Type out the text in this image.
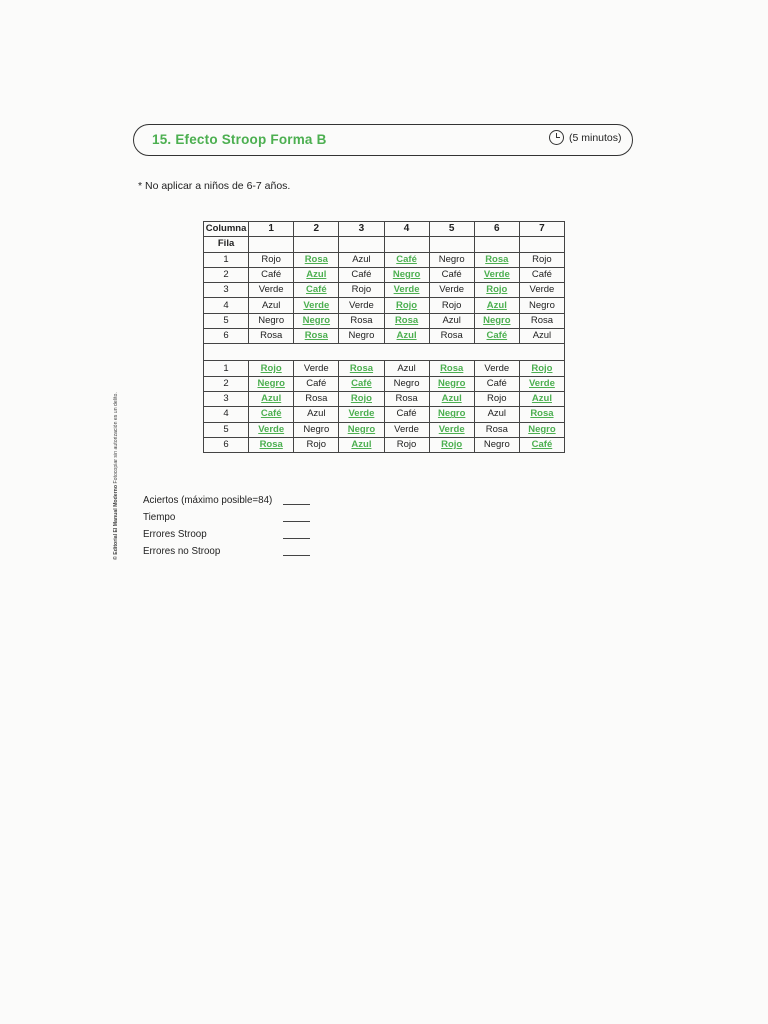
15. Efecto Stroop Forma B	(5 minutos)
* No aplicar a niños de 6-7 años.
© Editorial El Manual Moderno Fotocopiar sin autorización es un delito.
Columna	1	2	3	4	5	6	7
Fila							
1	Rojo	Rosa	Azul	Café	Negro	Rosa	Rojo
2	Café	Azul	Café	Negro	Café	Verde	Café
3	Verde	Café	Rojo	Verde	Verde	Rojo	Verde
4	Azul	Verde	Verde	Rojo	Rojo	Azul	Negro
5	Negro	Negro	Rosa	Rosa	Azul	Negro	Rosa
6	Rosa	Rosa	Negro	Azul	Rosa	Café	Azul

1	Rojo	Verde	Rosa	Azul	Rosa	Verde	Rojo
2	Negro	Café	Café	Negro	Negro	Café	Verde
3	Azul	Rosa	Rojo	Rosa	Azul	Rojo	Azul
4	Café	Azul	Verde	Café	Negro	Azul	Rosa
5	Verde	Negro	Negro	Verde	Verde	Rosa	Negro
6	Rosa	Rojo	Azul	Rojo	Rojo	Negro	Café
Aciertos (máximo posible=84)
Tiempo
Errores Stroop
Errores no Stroop
